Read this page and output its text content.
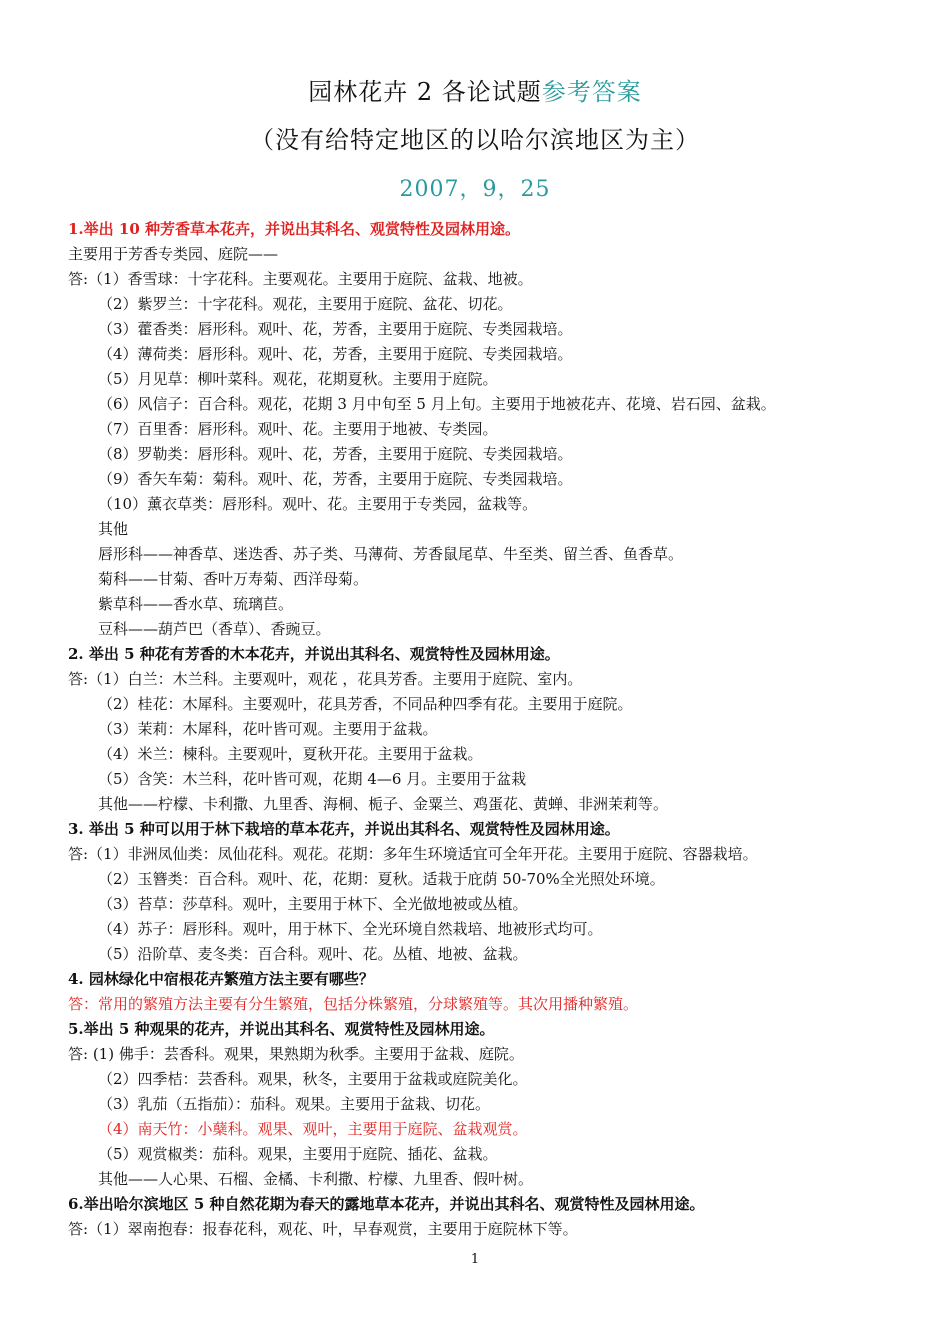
园林花卉 2 各论试题参考答案
（没有给特定地区的以哈尔滨地区为主）
2007，9，25
1.举出 10 种芳香草本花卉，并说出其科名、观赏特性及园林用途。
主要用于芳香专类园、庭院——
答:（1）香雪球：十字花科。主要观花。主要用于庭院、盆栽、地被。
（2）紫罗兰：十字花科。观花，主要用于庭院、盆花、切花。
（3）藿香类：唇形科。观叶、花，芳香，主要用于庭院、专类园栽培。
（4）薄荷类：唇形科。观叶、花，芳香，主要用于庭院、专类园栽培。
（5）月见草：柳叶菜科。观花，花期夏秋。主要用于庭院。
（6）风信子：百合科。观花，花期 3 月中旬至 5 月上旬。主要用于地被花卉、花境、岩石园、盆栽。
（7）百里香：唇形科。观叶、花。主要用于地被、专类园。
（8）罗勒类：唇形科。观叶、花，芳香，主要用于庭院、专类园栽培。
（9）香矢车菊：菊科。观叶、花，芳香，主要用于庭院、专类园栽培。
（10）薰衣草类：唇形科。观叶、花。主要用于专类园，盆栽等。
其他
唇形科——神香草、迷迭香、苏子类、马薄荷、芳香鼠尾草、牛至类、留兰香、鱼香草。
菊科——甘菊、香叶万寿菊、西洋母菊。
紫草科——香水草、琉璃苣。
豆科——葫芦巴（香草）、香豌豆。
2. 举出 5 种花有芳香的木本花卉，并说出其科名、观赏特性及园林用途。
答:（1）白兰：木兰科。主要观叶，观花 ，花具芳香。主要用于庭院、室内。
（2）桂花：木犀科。主要观叶，花具芳香，不同品种四季有花。主要用于庭院。
（3）茉莉：木犀科，花叶皆可观。主要用于盆栽。
（4）米兰：楝科。主要观叶，夏秋开花。主要用于盆栽。
（5）含笑：木兰科，花叶皆可观，花期 4—6 月。主要用于盆栽
其他——柠檬、卡利撒、九里香、海桐、栀子、金粟兰、鸡蛋花、黄蝉、非洲茉莉等。
3. 举出 5 种可以用于林下栽培的草本花卉，并说出其科名、观赏特性及园林用途。
答:（1）非洲凤仙类：凤仙花科。观花。花期：多年生环境适宜可全年开花。主要用于庭院、容器栽培。
（2）玉簪类：百合科。观叶、花，花期：夏秋。适栽于庇荫 50-70%全光照处环境。
（3）苔草：莎草科。观叶，主要用于林下、全光做地被或丛植。
（4）苏子：唇形科。观叶，用于林下、全光环境自然栽培、地被形式均可。
（5）沿阶草、麦冬类：百合科。观叶、花。丛植、地被、盆栽。
4. 园林绿化中宿根花卉繁殖方法主要有哪些？
答：常用的繁殖方法主要有分生繁殖，包括分株繁殖，分球繁殖等。其次用播种繁殖。
5.举出 5 种观果的花卉，并说出其科名、观赏特性及园林用途。
答: (1) 佛手：芸香科。观果，果熟期为秋季。主要用于盆栽、庭院。
（2）四季桔：芸香科。观果，秋冬，主要用于盆栽或庭院美化。
（3）乳茄（五指茄）：茄科。观果。主要用于盆栽、切花。
（4）南天竹：小蘖科。观果、观叶，主要用于庭院、盆栽观赏。
（5）观赏椒类：茄科。观果，主要用于庭院、插花、盆栽。
其他——人心果、石榴、金橘、卡利撒、柠檬、九里香、假叶树。
6.举出哈尔滨地区 5 种自然花期为春天的露地草本花卉，并说出其科名、观赏特性及园林用途。
答:（1）翠南抱春：报春花科，观花、叶，早春观赏，主要用于庭院林下等。
1
